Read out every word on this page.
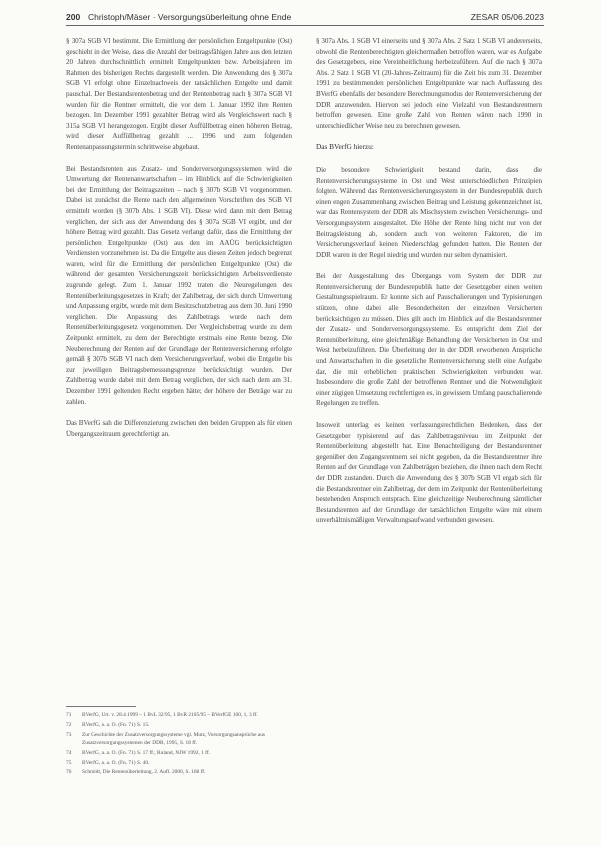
200 Christoph/Mäser · Versorgungsüberleitung ohne Ende	ZESAR 05/06.2023

§ 307a SGB VI bestimmt. Die Ermittlung der persönlichen Entgeltpunkte (Ost) geschieht in der Weise, dass die Anzahl der beitragsfähigen Jahre aus den letzten 20 Jahren durchschnittlich ermittelt Entgeltpunkten bzw. Arbeitsjahren im Rahmen des bisherigen Rechts dargestellt werden. Die Anwendung des § 307a SGB VI erfolgt ohne Einzelnachweis der tatsächlichen Entgelte und damit pauschal. Der Bestandsrentenbetrag und der Rentenbetrag nach § 307a SGB VI wurden für die Rentner ermittelt, die vor dem 1. Januar 1992 ihre Renten bezogen. Im Dezember 1991 gezahlter Betrag wird als Vergleichswert nach § 315a SGB VI herangezogen. Ergibt dieser Auffüllbetrag einen höheren Betrag, wird dieser Auffüllbetrag gezahlt ... 1996 und zum folgenden Rentenanpassungstermin schrittweise abgebaut.

Bei Bestandsrenten aus Zusatz- und Sonderversorgungssystemen wird die Umwertung der Rentenanwartschaften – im Hinblick auf die Schwierigkeiten bei der Ermittlung der Beitragszeiten – nach § 307b SGB VI vorgenommen. Dabei ist zunächst die Rente nach den allgemeinen Vorschriften des SGB VI ermittelt worden (§ 307b Abs. 1 SGB VI). Diese wird dann mit dem Betrag verglichen, der sich aus der Anwendung des § 307a SGB VI ergibt, und der höhere Betrag wird gezahlt. Das Gesetz verlangt dafür, dass die Ermittlung der persönlichen Entgeltpunkte (Ost) aus den im AAÜG berücksichtigten Verdiensten vorzunehmen ist. Da die Entgelte aus diesen Zeiten jedoch begrenzt waren, wird für die Ermittlung der persönlichen Entgeltpunkte (Ost) die während der gesamten Versicherungszeit berücksichtigten Arbeitsverdienste zugrunde gelegt. Zum 1. Januar 1992 traten die Neuregelungen des Rentenüberleitungsgesetzes in Kraft; der Zahlbetrag, der sich durch Umwertung und Anpassung ergibt, wurde mit dem Besitzschutzbetrag aus dem 30. Juni 1990 verglichen. Die Anpassung des Zahlbetrags wurde nach dem Rentenüberleitungsgesetz vorgenommen. Der Vergleichsbetrag wurde zu dem Zeitpunkt ermittelt, zu dem der Berechtigte erstmals eine Rente bezog. Die Neuberechnung der Renten auf der Grundlage der Rentenversicherung erfolgte gemäß § 307b SGB VI nach dem Versicherungsverlauf, wobei die Entgelte bis zur jeweiligen Beitragsbemessungsgrenze berücksichtigt wurden. Der Zahlbetrag wurde dabei mit dem Betrag verglichen, der sich nach dem am 31. Dezember 1991 geltenden Recht ergeben hätte; der höhere der Beträge war zu zahlen.

Das BVerfG sah die Differenzierung zwischen den beiden Gruppen als für einen Übergangszeitraum gerechtfertigt an.

§ 307a Abs. 1 SGB VI einerseits und § 307a Abs. 2 Satz 1 SGB VI andererseits, obwohl die Rentenberechtigten gleichermaßen betroffen waren, war es Aufgabe des Gesetzgebers, eine Vereinheitlichung herbeizuführen. Auf die nach § 307a Abs. 2 Satz 1 SGB VI (20-Jahres-Zeitraum) für die Zeit bis zum 31. Dezember 1991 zu bestimmenden persönlichen Entgeltpunkte war nach Auffassung des BVerfG ebenfalls der besondere Berechnungsmodus der Rentenversicherung der DDR anzuwenden. Hiervon sei jedoch eine Vielzahl von Bestandsrentnern betroffen gewesen. Eine große Zahl von Renten wären nach 1990 in unterschiedlicher Weise neu zu berechnen gewesen.

Das BVerfG hierzu:

Die besondere Schwierigkeit bestand darin, dass die Rentenversicherungssysteme in Ost und West unterschiedlichen Prinzipien folgten. Während das Rentenversicherungssystem in der Bundesrepublik durch einen engen Zusammenhang zwischen Beitrag und Leistung gekennzeichnet ist, war das Rentensystem der DDR als Mischsystem zwischen Versicherungs- und Versorgungssystem ausgestaltet. Die Höhe der Rente hing nicht nur von der Beitragsleistung ab, sondern auch von weiteren Faktoren, die im Versicherungsverlauf keinen Niederschlag gefunden hatten. Die Renten der DDR waren in der Regel niedrig und wurden nur selten dynamisiert.

Bei der Ausgestaltung des Übergangs vom System der DDR zur Rentenversicherung der Bundesrepublik hatte der Gesetzgeber einen weiten Gestaltungsspielraum. Er konnte sich auf Pauschalierungen und Typisierungen stützen, ohne dabei alle Besonderheiten der einzelnen Versicherten berücksichtigen zu müssen. Dies gilt auch im Hinblick auf die Bestandsrentner der Zusatz- und Sonderversorgungssysteme. Es entspricht dem Ziel der Rentenüberleitung, eine gleichmäßige Behandlung der Versicherten in Ost und West herbeizuführen. Die Überleitung der in der DDR erworbenen Ansprüche und Anwartschaften in die gesetzliche Rentenversicherung stellt eine Aufgabe dar, die mit erheblichen praktischen Schwierigkeiten verbunden war. Insbesondere die große Zahl der betroffenen Rentner und die Notwendigkeit einer zügigen Umsetzung rechtfertigen es, in gewissem Umfang pauschalierende Regelungen zu treffen.

Insoweit unterlag es keinen verfassungsrechtlichen Bedenken, dass der Gesetzgeber typisierend auf das Zahlbetragsniveau im Zeitpunkt der Rentenüberleitung abgestellt hat. Eine Benachteiligung der Bestandsrentner gegenüber den Zugangsrentnern sei nicht gegeben, da die Bestandsrentner ihre Renten auf der Grundlage von Zahlbeträgen beziehen, die ihnen nach dem Recht der DDR zustanden. Durch die Anwendung des § 307b SGB VI ergab sich für die Bestandsrentner ein Zahlbetrag, der dem im Zeitpunkt der Rentenüberleitung bestehenden Anspruch entsprach. Eine gleichzeitige Neuberechnung sämtlicher Bestandsrenten auf der Grundlage der tatsächlichen Entgelte wäre mit einem unverhältnismäßigen Verwaltungsaufwand verbunden gewesen.

71	BVerfG, Urt. v. 28.4.1999 – 1 BvL 32/95, 1 BvR 2105/95 – BVerfGE 100, 1, 3 ff.
72	BVerfG, a. a. O. (Fn. 71) S. 15.
73	Zur Geschichte der Zusatzversorgungssysteme vgl. Mutz, Vorsorgungsansprüche aus Zusatzversorgungssystemen der DDR, 1995, S. 18 ff.
74	BVerfG, a. a. O. (Fn. 71) S. 17 ff.; Ruland, NJW 1992, 1 ff.
75	BVerfG, a. a. O. (Fn. 71) S. 40.
76	Schmidt, Die Rentenüberleitung, 2. Aufl. 2000, S. 168 ff.
